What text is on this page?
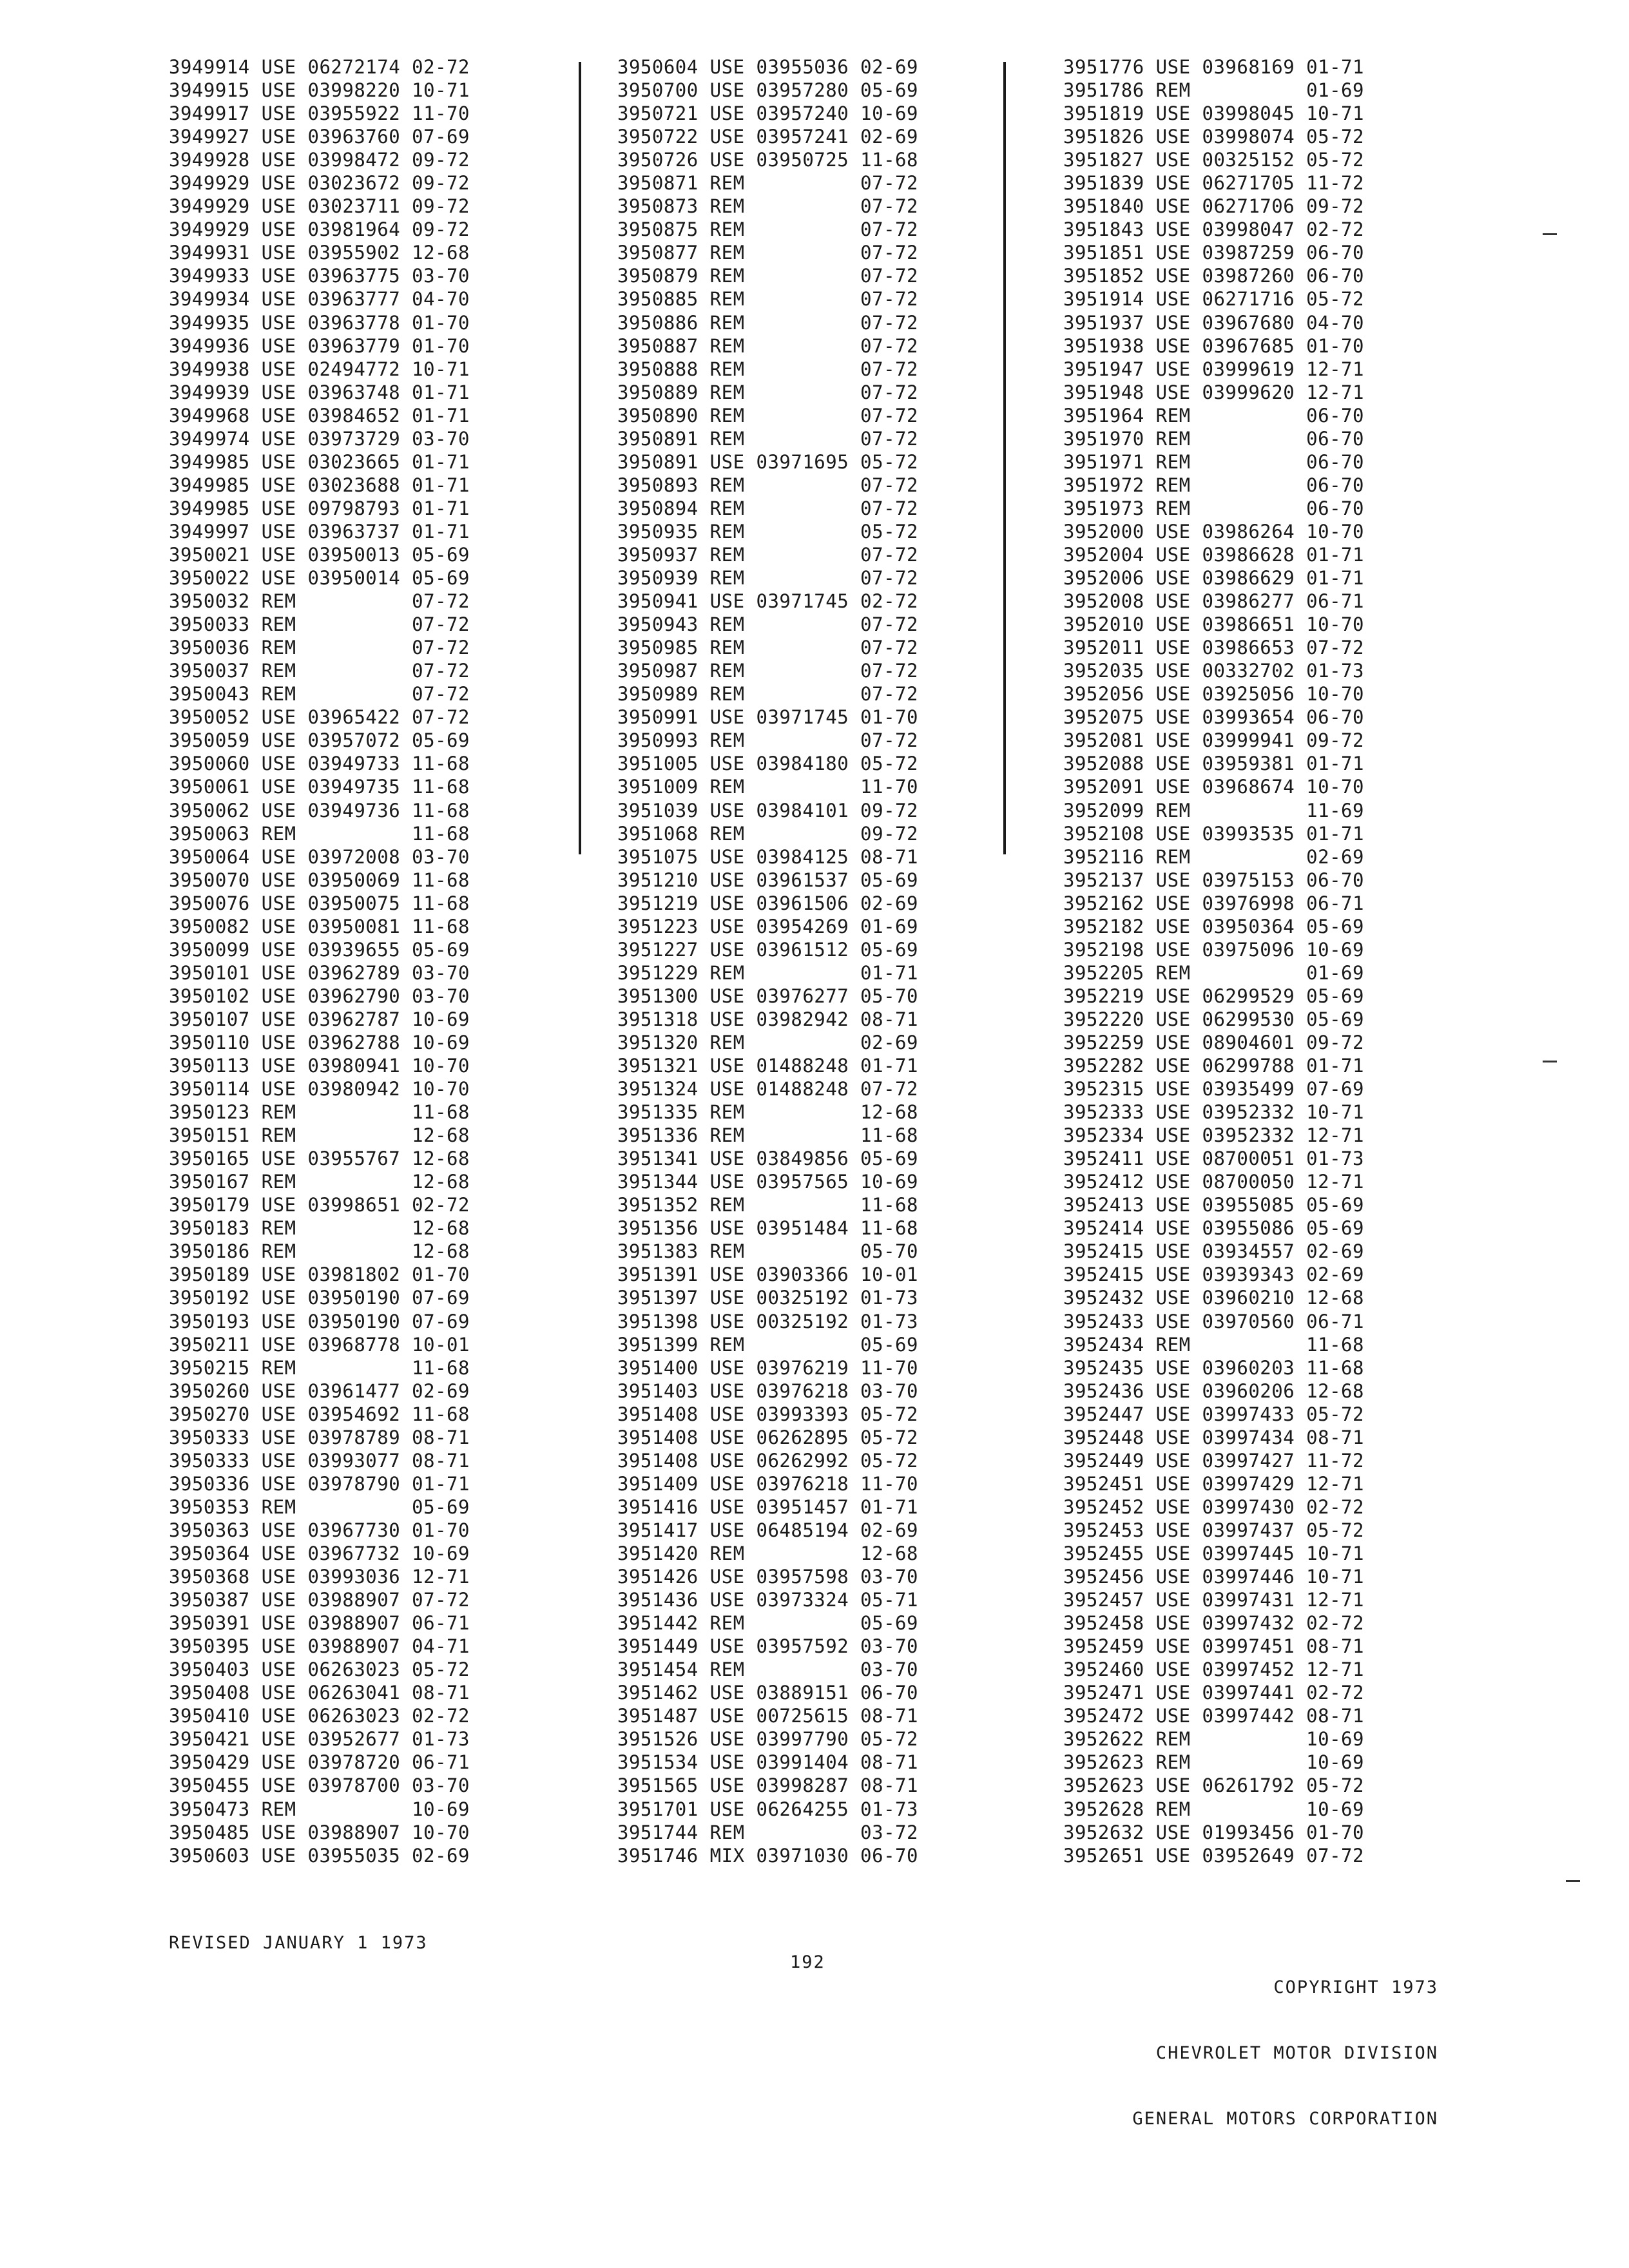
3949914 USE 06272174 02-72
3949915 USE 03998220 10-71
3949917 USE 03955922 11-70
3949927 USE 03963760 07-69
3949928 USE 03998472 09-72
3949929 USE 03023672 09-72
3949929 USE 03023711 09-72
3949929 USE 03981964 09-72
3949931 USE 03955902 12-68
3949933 USE 03963775 03-70
3949934 USE 03963777 04-70
3949935 USE 03963778 01-70
3949936 USE 03963779 01-70
3949938 USE 02494772 10-71
3949939 USE 03963748 01-71
3949968 USE 03984652 01-71
3949974 USE 03973729 03-70
3949985 USE 03023665 01-71
3949985 USE 03023688 01-71
3949985 USE 09798793 01-71
3949997 USE 03963737 01-71
3950021 USE 03950013 05-69
3950022 USE 03950014 05-69
3950032 REM          07-72
3950033 REM          07-72
3950036 REM          07-72
3950037 REM          07-72
3950043 REM          07-72
3950052 USE 03965422 07-72
3950059 USE 03957072 05-69
3950060 USE 03949733 11-68
3950061 USE 03949735 11-68
3950062 USE 03949736 11-68
3950063 REM          11-68
3950064 USE 03972008 03-70
3950070 USE 03950069 11-68
3950076 USE 03950075 11-68
3950082 USE 03950081 11-68
3950099 USE 03939655 05-69
3950101 USE 03962789 03-70
3950102 USE 03962790 03-70
3950107 USE 03962787 10-69
3950110 USE 03962788 10-69
3950113 USE 03980941 10-70
3950114 USE 03980942 10-70
3950123 REM          11-68
3950151 REM          12-68
3950165 USE 03955767 12-68
3950167 REM          12-68
3950179 USE 03998651 02-72
3950183 REM          12-68
3950186 REM          12-68
3950189 USE 03981802 01-70
3950192 USE 03950190 07-69
3950193 USE 03950190 07-69
3950211 USE 03968778 10-01
3950215 REM          11-68
3950260 USE 03961477 02-69
3950270 USE 03954692 11-68
3950333 USE 03978789 08-71
3950333 USE 03993077 08-71
3950336 USE 03978790 01-71
3950353 REM          05-69
3950363 USE 03967730 01-70
3950364 USE 03967732 10-69
3950368 USE 03993036 12-71
3950387 USE 03988907 07-72
3950391 USE 03988907 06-71
3950395 USE 03988907 04-71
3950403 USE 06263023 05-72
3950408 USE 06263041 08-71
3950410 USE 06263023 02-72
3950421 USE 03952677 01-73
3950429 USE 03978720 06-71
3950455 USE 03978700 03-70
3950473 REM          10-69
3950485 USE 03988907 10-70
3950603 USE 03955035 02-69
3950604 USE 03955036 02-69
3950700 USE 03957280 05-69
3950721 USE 03957240 10-69
3950722 USE 03957241 02-69
3950726 USE 03950725 11-68
3950871 REM          07-72
3950873 REM          07-72
3950875 REM          07-72
3950877 REM          07-72
3950879 REM          07-72
3950885 REM          07-72
3950886 REM          07-72
3950887 REM          07-72
3950888 REM          07-72
3950889 REM          07-72
3950890 REM          07-72
3950891 REM          07-72
3950891 USE 03971695 05-72
3950893 REM          07-72
3950894 REM          07-72
3950935 REM          05-72
3950937 REM          07-72
3950939 REM          07-72
3950941 USE 03971745 02-72
3950943 REM          07-72
3950985 REM          07-72
3950987 REM          07-72
3950989 REM          07-72
3950991 USE 03971745 01-70
3950993 REM          07-72
3951005 USE 03984180 05-72
3951009 REM          11-70
3951039 USE 03984101 09-72
3951068 REM          09-72
3951075 USE 03984125 08-71
3951210 USE 03961537 05-69
3951219 USE 03961506 02-69
3951223 USE 03954269 01-69
3951227 USE 03961512 05-69
3951229 REM          01-71
3951300 USE 03976277 05-70
3951318 USE 03982942 08-71
3951320 REM          02-69
3951321 USE 01488248 01-71
3951324 USE 01488248 07-72
3951335 REM          12-68
3951336 REM          11-68
3951341 USE 03849856 05-69
3951344 USE 03957565 10-69
3951352 REM          11-68
3951356 USE 03951484 11-68
3951383 REM          05-70
3951391 USE 03903366 10-01
3951397 USE 00325192 01-73
3951398 USE 00325192 01-73
3951399 REM          05-69
3951400 USE 03976219 11-70
3951403 USE 03976218 03-70
3951408 USE 03993393 05-72
3951408 USE 06262895 05-72
3951408 USE 06262992 05-72
3951409 USE 03976218 11-70
3951416 USE 03951457 01-71
3951417 USE 06485194 02-69
3951420 REM          12-68
3951426 USE 03957598 03-70
3951436 USE 03973324 05-71
3951442 REM          05-69
3951449 USE 03957592 03-70
3951454 REM          03-70
3951462 USE 03889151 06-70
3951487 USE 00725615 08-71
3951526 USE 03997790 05-72
3951534 USE 03991404 08-71
3951565 USE 03998287 08-71
3951701 USE 06264255 01-73
3951744 REM          03-72
3951746 MIX 03971030 06-70
3951776 USE 03968169 01-71
3951786 REM          01-69
3951819 USE 03998045 10-71
3951826 USE 03998074 05-72
3951827 USE 00325152 05-72
3951839 USE 06271705 11-72
3951840 USE 06271706 09-72
3951843 USE 03998047 02-72
3951851 USE 03987259 06-70
3951852 USE 03987260 06-70
3951914 USE 06271716 05-72
3951937 USE 03967680 04-70
3951938 USE 03967685 01-70
3951947 USE 03999619 12-71
3951948 USE 03999620 12-71
3951964 REM          06-70
3951970 REM          06-70
3951971 REM          06-70
3951972 REM          06-70
3951973 REM          06-70
3952000 USE 03986264 10-70
3952004 USE 03986628 01-71
3952006 USE 03986629 01-71
3952008 USE 03986277 06-71
3952010 USE 03986651 10-70
3952011 USE 03986653 07-72
3952035 USE 00332702 01-73
3952056 USE 03925056 10-70
3952075 USE 03993654 06-70
3952081 USE 03999941 09-72
3952088 USE 03959381 01-71
3952091 USE 03968674 10-70
3952099 REM          11-69
3952108 USE 03993535 01-71
3952116 REM          02-69
3952137 USE 03975153 06-70
3952162 USE 03976998 06-71
3952182 USE 03950364 05-69
3952198 USE 03975096 10-69
3952205 REM          01-69
3952219 USE 06299529 05-69
3952220 USE 06299530 05-69
3952259 USE 08904601 09-72
3952282 USE 06299788 01-71
3952315 USE 03935499 07-69
3952333 USE 03952332 10-71
3952334 USE 03952332 12-71
3952411 USE 08700051 01-73
3952412 USE 08700050 12-71
3952413 USE 03955085 05-69
3952414 USE 03955086 05-69
3952415 USE 03934557 02-69
3952415 USE 03939343 02-69
3952432 USE 03960210 12-68
3952433 USE 03970560 06-71
3952434 REM          11-68
3952435 USE 03960203 11-68
3952436 USE 03960206 12-68
3952447 USE 03997433 05-72
3952448 USE 03997434 08-71
3952449 USE 03997427 11-72
3952451 USE 03997429 12-71
3952452 USE 03997430 02-72
3952453 USE 03997437 05-72
3952455 USE 03997445 10-71
3952456 USE 03997446 10-71
3952457 USE 03997431 12-71
3952458 USE 03997432 02-72
3952459 USE 03997451 08-71
3952460 USE 03997452 12-71
3952471 USE 03997441 02-72
3952472 USE 03997442 08-71
3952622 REM          10-69
3952623 REM          10-69
3952623 USE 06261792 05-72
3952628 REM          10-69
3952632 USE 01993456 01-70
3952651 USE 03952649 07-72
REVISED JANUARY 1 1973
192

COPYRIGHT 1973

CHEVROLET MOTOR DIVISION

GENERAL MOTORS CORPORATION
